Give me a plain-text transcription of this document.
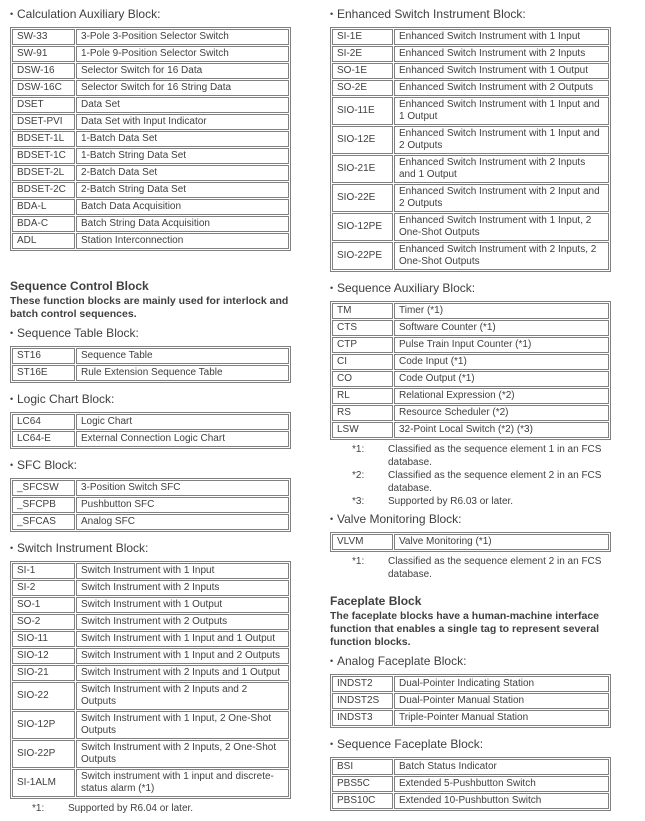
• Calculation Auxiliary Block:
SW-33	3-Pole 3-Position Selector Switch
SW-91	1-Pole 9-Position Selector Switch
DSW-16	Selector Switch for 16 Data
DSW-16C	Selector Switch for 16 String Data
DSET	Data Set
DSET-PVI	Data Set with Input Indicator
BDSET-1L	1-Batch Data Set
BDSET-1C	1-Batch String Data Set
BDSET-2L	2-Batch Data Set
BDSET-2C	2-Batch String Data Set
BDA-L	Batch Data Acquisition
BDA-C	Batch String Data Acquisition
ADL	Station Interconnection
Sequence Control Block
These function blocks are mainly used for interlock and batch control sequences.
• Sequence Table Block:
ST16	Sequence Table
ST16E	Rule Extension Sequence Table
• Logic Chart Block:
LC64	Logic Chart
LC64-E	External Connection Logic Chart
• SFC Block:
_SFCSW	3-Position Switch SFC
_SFCPB	Pushbutton SFC
_SFCAS	Analog SFC
• Switch Instrument Block:
SI-1	Switch Instrument with 1 Input
SI-2	Switch Instrument with 2 Inputs
SO-1	Switch Instrument with 1 Output
SO-2	Switch Instrument with 2 Outputs
SIO-11	Switch Instrument with 1 Input and 1 Output
SIO-12	Switch Instrument with 1 Input and 2 Outputs
SIO-21	Switch Instrument with 2 Inputs and 1 Output
SIO-22	Switch Instrument with 2 Inputs and 2 Outputs
SIO-12P	Switch Instrument with 1 Input, 2 One-Shot Outputs
SIO-22P	Switch Instrument with 2 Inputs, 2 One-Shot Outputs
SI-1ALM	Switch instrument with 1 input and discrete-status alarm (*1)
*1:	Supported by R6.04 or later.
• Enhanced Switch Instrument Block:
SI-1E	Enhanced Switch Instrument with 1 Input
SI-2E	Enhanced Switch Instrument with 2 Inputs
SO-1E	Enhanced Switch Instrument with 1 Output
SO-2E	Enhanced Switch Instrument with 2 Outputs
SIO-11E	Enhanced Switch Instrument with 1 Input and 1 Output
SIO-12E	Enhanced Switch Instrument with 1 Input and 2 Outputs
SIO-21E	Enhanced Switch Instrument with 2 Inputs and 1 Output
SIO-22E	Enhanced Switch Instrument with 2 Input and 2 Outputs
SIO-12PE	Enhanced Switch Instrument with 1 Input, 2 One-Shot Outputs
SIO-22PE	Enhanced Switch Instrument with 2 Inputs, 2 One-Shot Outputs
• Sequence Auxiliary Block:
TM	Timer (*1)
CTS	Software Counter (*1)
CTP	Pulse Train Input Counter (*1)
CI	Code Input (*1)
CO	Code Output (*1)
RL	Relational Expression (*2)
RS	Resource Scheduler (*2)
LSW	32-Point Local Switch (*2) (*3)
*1:	Classified as the sequence element 1 in an FCS database.
*2:	Classified as the sequence element 2 in an FCS database.
*3:	Supported by R6.03 or later.
• Valve Monitoring Block:
VLVM	Valve Monitoring (*1)
*1:	Classified as the sequence element 2 in an FCS database.
Faceplate Block
The faceplate blocks have a human-machine interface function that enables a single tag to represent several function blocks.
• Analog Faceplate Block:
INDST2	Dual-Pointer Indicating Station
INDST2S	Dual-Pointer Manual Station
INDST3	Triple-Pointer Manual Station
• Sequence Faceplate Block:
BSI	Batch Status Indicator
PBS5C	Extended 5-Pushbutton Switch
PBS10C	Extended 10-Pushbutton Switch
